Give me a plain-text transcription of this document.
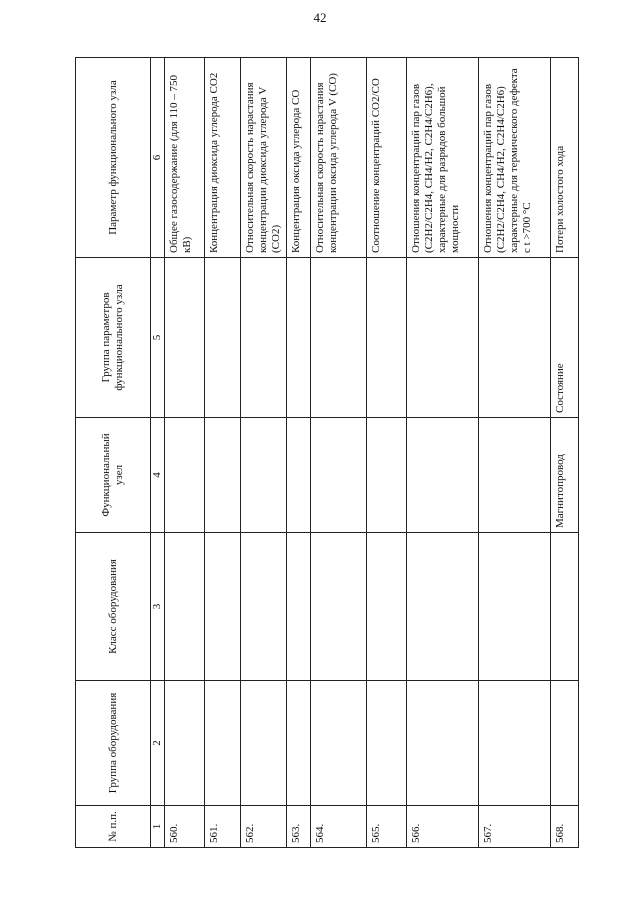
42
№ п.п.	Группа оборудования	Класс оборудования	Функциональный узел	Группа параметров функционального узла	Параметр функционального узла
1	2	3	4	5	6
560.					Общее газосодержание (для 110 – 750 кВ)
561.					Концентрация диоксида углерода CO2
562.					Относительная скорость нарастания концентрации диоксида углерода V (CO2)
563.					Концентрация оксида углерода CO
564.					Относительная скорость нарастания концентрации оксида углерода V (CO)
565.					Соотношение концентраций CO2/CO
566.					Отношения концентраций пар газов (C2H2/C2H4, CH4/H2, C2H4/C2H6), характерные для разрядов большой мощности
567.					Отношения концентраций пар газов (C2H2/C2H4, CH4/H2, C2H4/C2H6) характерные для термического дефекта с t >700 °C
568.			Магнитопровод	Состояние	Потери холостого хода
